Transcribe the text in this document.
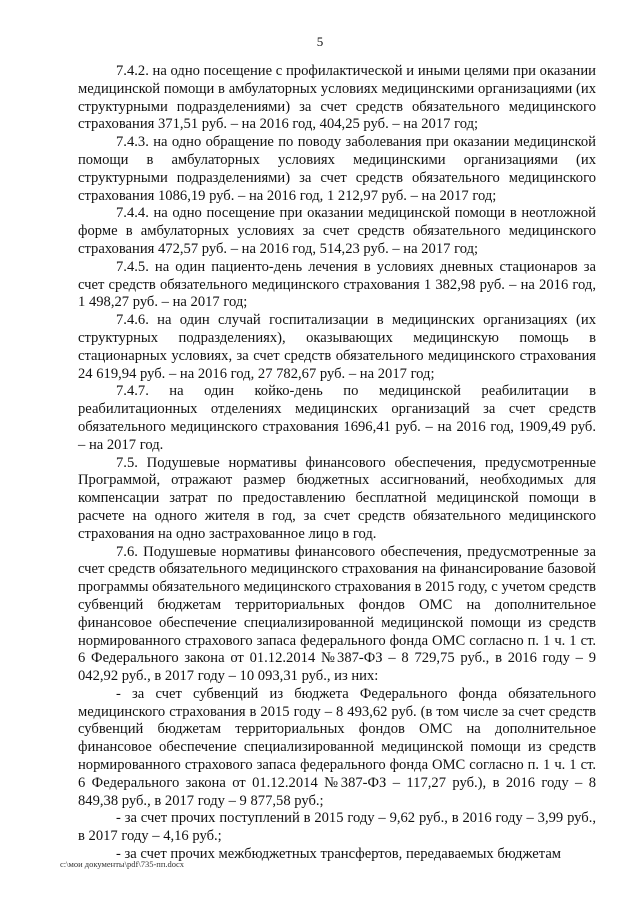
5

7.4.2. на одно посещение с профилактической и иными целями при оказании медицинской помощи в амбулаторных условиях медицинскими организациями (их структурными подразделениями) за счет средств обязательного медицинского страхования 371,51 руб. – на 2016 год, 404,25 руб. – на 2017 год;

7.4.3. на одно обращение по поводу заболевания при оказании медицинской помощи в амбулаторных условиях медицинскими организациями (их структурными подразделениями) за счет средств обязательного медицинского страхования 1086,19 руб. – на 2016 год, 1 212,97 руб. – на 2017 год;

7.4.4. на одно посещение при оказании медицинской помощи в неотложной форме в амбулаторных условиях за счет средств обязательного медицинского страхования 472,57 руб. – на 2016 год, 514,23 руб. – на 2017 год;

7.4.5. на один пациенто-день лечения в условиях дневных стационаров за счет средств обязательного медицинского страхования 1 382,98 руб. – на 2016 год, 1 498,27 руб. – на 2017 год;

7.4.6. на один случай госпитализации в медицинских организациях (их структурных подразделениях), оказывающих медицинскую помощь в стационарных условиях, за счет средств обязательного медицинского страхования 24 619,94 руб. – на 2016 год, 27 782,67 руб. – на 2017 год;

7.4.7. на один койко-день по медицинской реабилитации в реабилитационных отделениях медицинских организаций за счет средств обязательного медицинского страхования 1696,41 руб. – на 2016 год, 1909,49 руб. – на 2017 год.

7.5. Подушевые нормативы финансового обеспечения, предусмотренные Программой, отражают размер бюджетных ассигнований, необходимых для компенсации затрат по предоставлению бесплатной медицинской помощи в расчете на одного жителя в год, за счет средств обязательного медицинского страхования на одно застрахованное лицо в год.

7.6. Подушевые нормативы финансового обеспечения, предусмотренные за счет средств обязательного медицинского страхования на финансирование базовой программы обязательного медицинского страхования в 2015 году, с учетом средств субвенций бюджетам территориальных фондов ОМС на дополнительное финансовое обеспечение специализированной медицинской помощи из средств нормированного страхового запаса федерального фонда ОМС согласно п. 1 ч. 1 ст. 6 Федерального закона от 01.12.2014 №387-ФЗ – 8 729,75 руб., в 2016 году – 9 042,92 руб., в 2017 году – 10 093,31 руб., из них:

- за счет субвенций из бюджета Федерального фонда обязательного медицинского страхования в 2015 году – 8 493,62 руб. (в том числе за счет средств субвенций бюджетам территориальных фондов ОМС на дополнительное финансовое обеспечение специализированной медицинской помощи из средств нормированного страхового запаса федерального фонда ОМС согласно п. 1 ч. 1 ст. 6 Федерального закона от 01.12.2014 №387-ФЗ – 117,27 руб.), в 2016 году – 8 849,38 руб., в 2017 году – 9 877,58 руб.;

- за счет прочих поступлений в 2015 году – 9,62 руб., в 2016 году – 3,99 руб., в 2017 году – 4,16 руб.;

- за счет прочих межбюджетных трансфертов, передаваемых бюджетам

c:\мои документы\pdf\735-пп.docx
